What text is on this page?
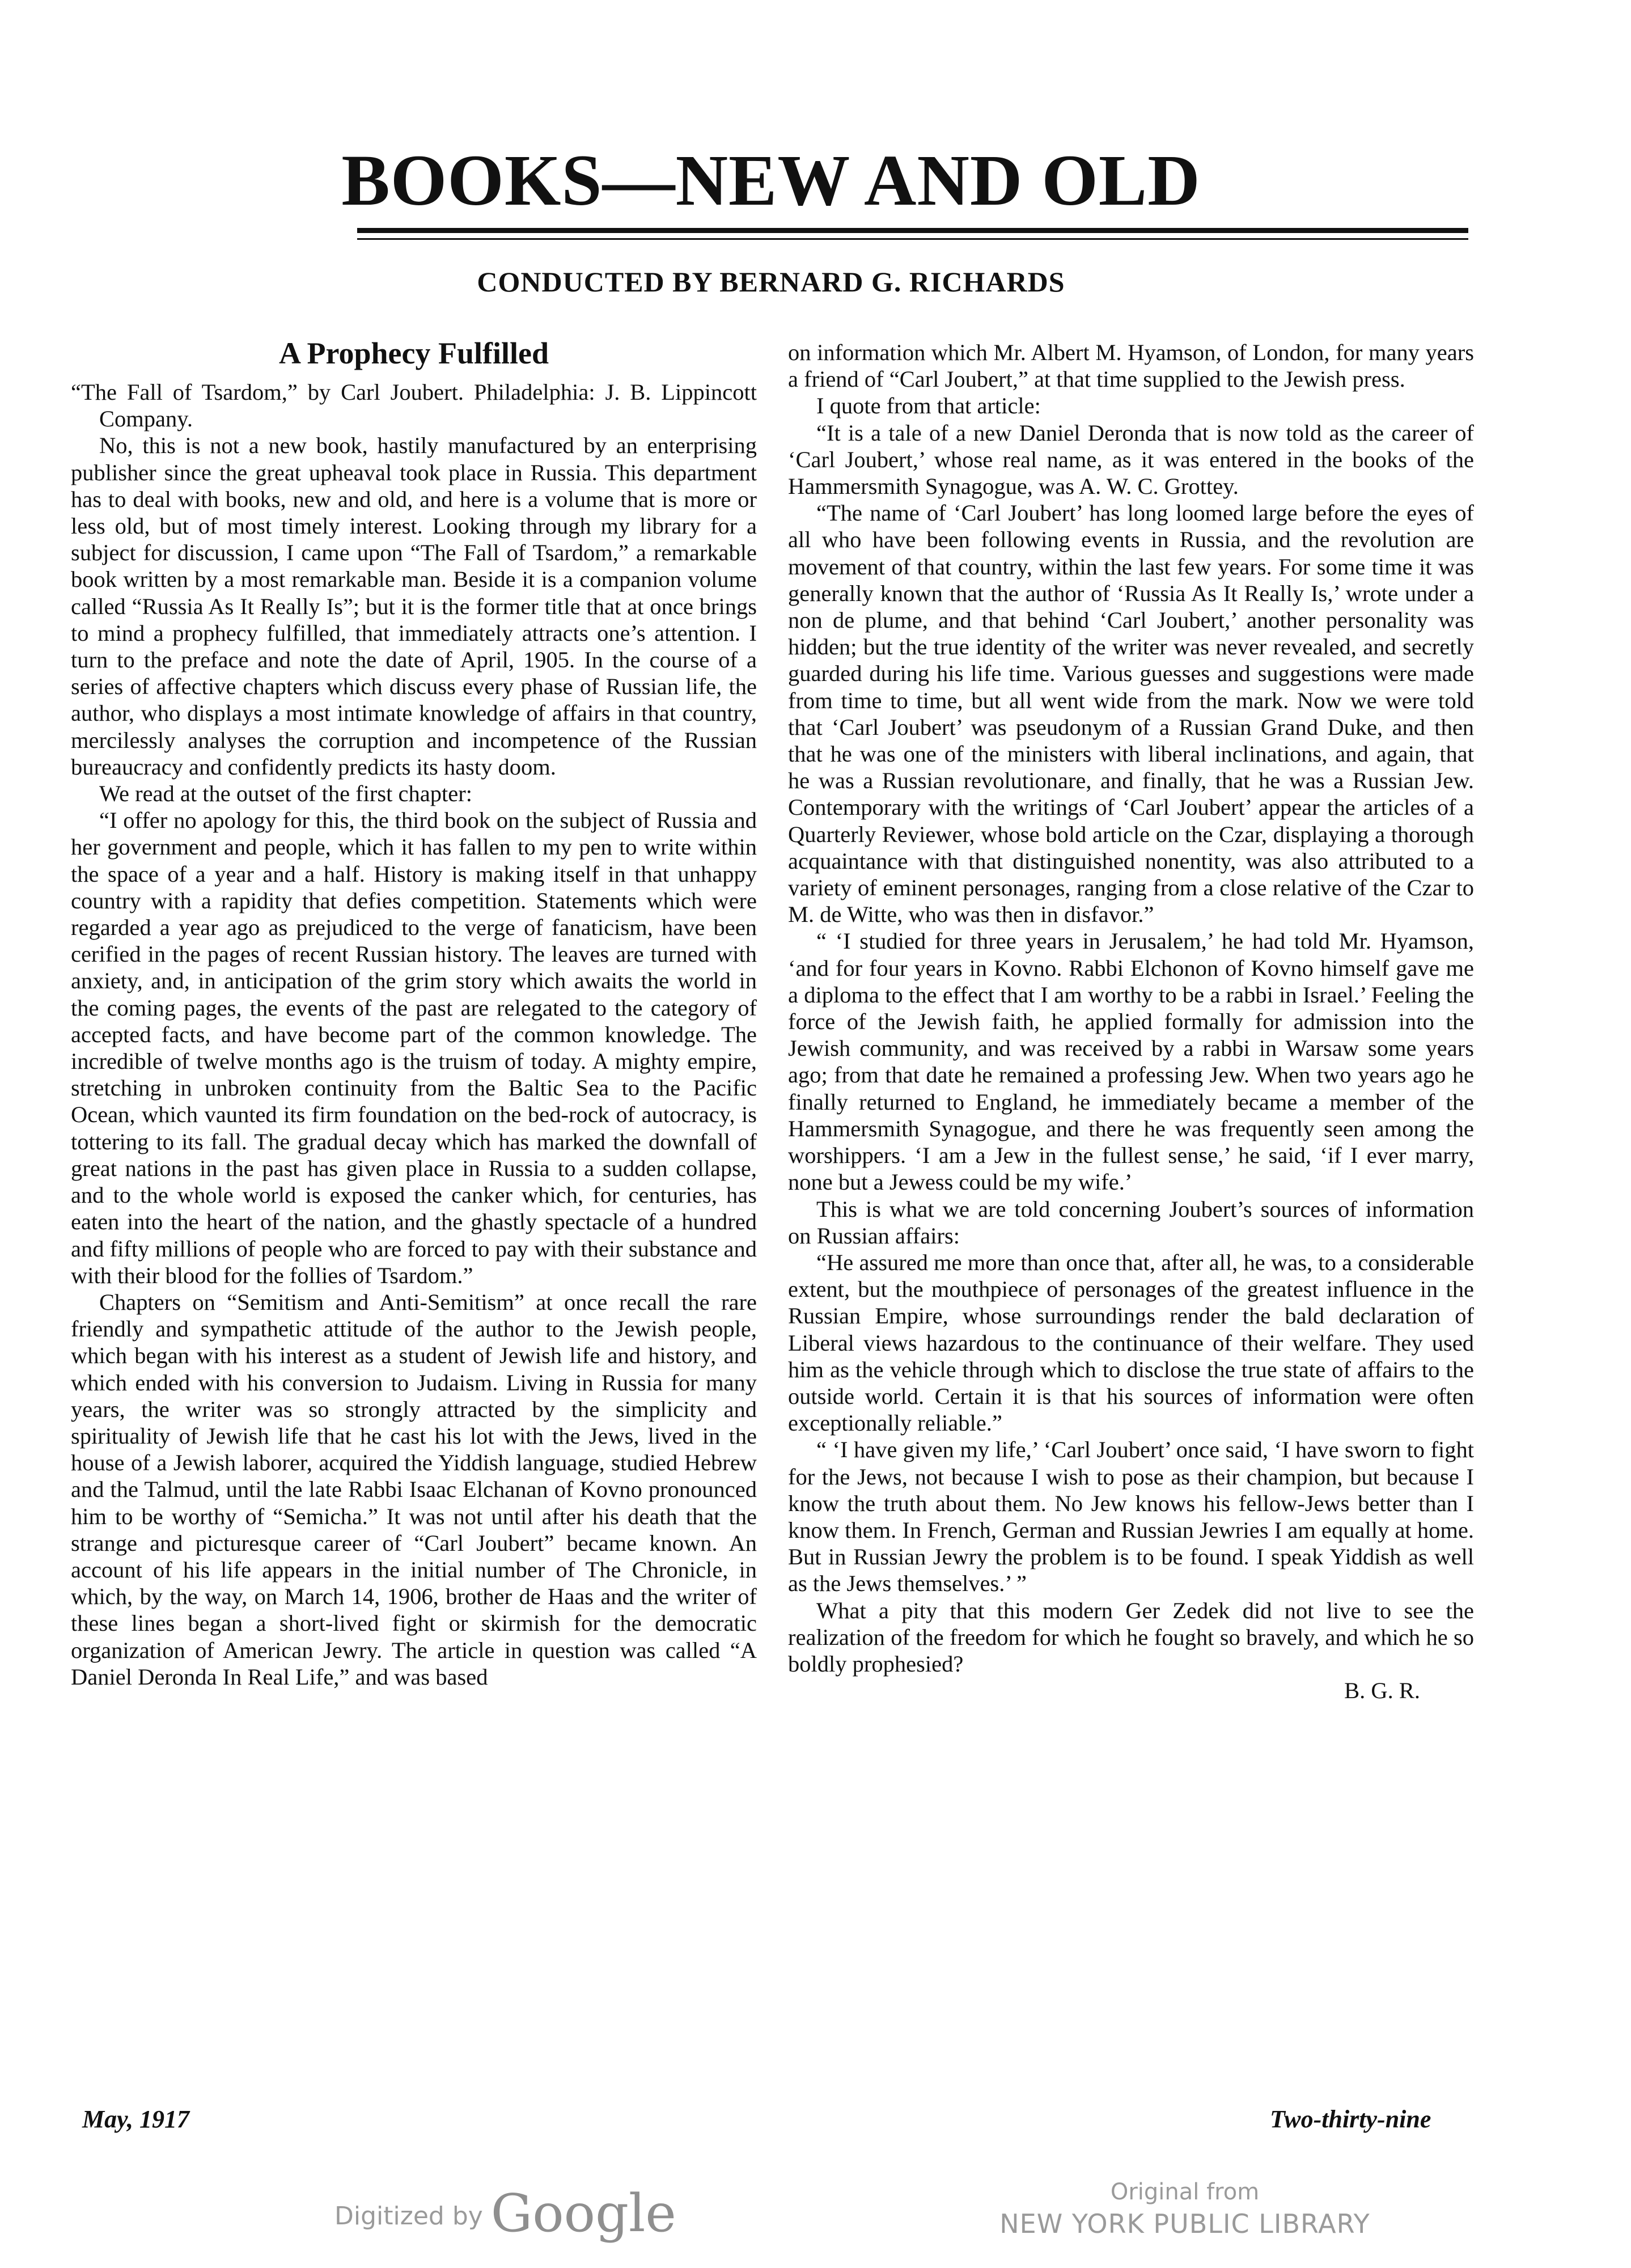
BOOKS—NEW AND OLD
CONDUCTED BY BERNARD G. RICHARDS
A Prophecy Fulfilled

“The Fall of Tsardom,” by Carl Joubert. Philadelphia: J. B. Lippincott Company.

No, this is not a new book, hastily manufactured by an enterprising publisher since the great upheaval took place in Russia. This department has to deal with books, new and old, and here is a volume that is more or less old, but of most timely interest. Looking through my library for a subject for discussion, I came upon “The Fall of Tsardom,” a remarkable book written by a most remarkable man. Beside it is a companion volume called “Russia As It Really Is”; but it is the former title that at once brings to mind a prophecy fulfilled, that immediately attracts one’s attention. I turn to the preface and note the date of April, 1905. In the course of a series of affective chapters which discuss every phase of Russian life, the author, who displays a most intimate knowledge of affairs in that country, mercilessly analyses the corruption and incompetence of the Russian bureaucracy and confidently predicts its hasty doom.

We read at the outset of the first chapter:

“I offer no apology for this, the third book on the subject of Russia and her government and people, which it has fallen to my pen to write within the space of a year and a half. History is making itself in that unhappy country with a rapidity that defies competition. Statements which were regarded a year ago as prejudiced to the verge of fanaticism, have been cerified in the pages of recent Russian history. The leaves are turned with anxiety, and, in anticipation of the grim story which awaits the world in the coming pages, the events of the past are relegated to the category of accepted facts, and have become part of the common knowledge. The incredible of twelve months ago is the truism of today. A mighty empire, stretching in unbroken continuity from the Baltic Sea to the Pacific Ocean, which vaunted its firm foundation on the bed-rock of autocracy, is tottering to its fall. The gradual decay which has marked the downfall of great nations in the past has given place in Russia to a sudden collapse, and to the whole world is exposed the canker which, for centuries, has eaten into the heart of the nation, and the ghastly spectacle of a hundred and fifty millions of people who are forced to pay with their substance and with their blood for the follies of Tsardom.”

Chapters on “Semitism and Anti-Semitism” at once recall the rare friendly and sympathetic attitude of the author to the Jewish people, which began with his interest as a student of Jewish life and history, and which ended with his conversion to Judaism. Living in Russia for many years, the writer was so strongly attracted by the simplicity and spirituality of Jewish life that he cast his lot with the Jews, lived in the house of a Jewish laborer, acquired the Yiddish language, studied Hebrew and the Talmud, until the late Rabbi Isaac Elchanan of Kovno pronounced him to be worthy of “Semicha.” It was not until after his death that the strange and picturesque career of “Carl Joubert” became known. An account of his life appears in the initial number of The Chronicle, in which, by the way, on March 14, 1906, brother de Haas and the writer of these lines began a short-lived fight or skirmish for the democratic organization of American Jewry. The article in question was called “A Daniel Deronda In Real Life,” and was based

on information which Mr. Albert M. Hyamson, of London, for many years a friend of “Carl Joubert,” at that time supplied to the Jewish press.

I quote from that article:

“It is a tale of a new Daniel Deronda that is now told as the career of ‘Carl Joubert,’ whose real name, as it was entered in the books of the Hammersmith Synagogue, was A. W. C. Grottey.

“The name of ‘Carl Joubert’ has long loomed large before the eyes of all who have been following events in Russia, and the revolution are movement of that country, within the last few years. For some time it was generally known that the author of ‘Russia As It Really Is,’ wrote under a non de plume, and that behind ‘Carl Joubert,’ another personality was hidden; but the true identity of the writer was never revealed, and secretly guarded during his life time. Various guesses and suggestions were made from time to time, but all went wide from the mark. Now we were told that ‘Carl Joubert’ was pseudonym of a Russian Grand Duke, and then that he was one of the ministers with liberal inclinations, and again, that he was a Russian revolutionare, and finally, that he was a Russian Jew. Contemporary with the writings of ‘Carl Joubert’ appear the articles of a Quarterly Reviewer, whose bold article on the Czar, displaying a thorough acquaintance with that distinguished nonentity, was also attributed to a variety of eminent personages, ranging from a close relative of the Czar to M. de Witte, who was then in disfavor.”

“ ‘I studied for three years in Jerusalem,’ he had told Mr. Hyamson, ‘and for four years in Kovno. Rabbi Elchonon of Kovno himself gave me a diploma to the effect that I am worthy to be a rabbi in Israel.’ Feeling the force of the Jewish faith, he applied formally for admission into the Jewish community, and was received by a rabbi in Warsaw some years ago; from that date he remained a professing Jew. When two years ago he finally returned to England, he immediately became a member of the Hammersmith Synagogue, and there he was frequently seen among the worshippers. ‘I am a Jew in the fullest sense,’ he said, ‘if I ever marry, none but a Jewess could be my wife.’

This is what we are told concerning Joubert’s sources of information on Russian affairs:

“He assured me more than once that, after all, he was, to a considerable extent, but the mouthpiece of personages of the greatest influence in the Russian Empire, whose surroundings render the bald declaration of Liberal views hazardous to the continuance of their welfare. They used him as the vehicle through which to disclose the true state of affairs to the outside world. Certain it is that his sources of information were often exceptionally reliable.”

“ ‘I have given my life,’ ‘Carl Joubert’ once said, ‘I have sworn to fight for the Jews, not because I wish to pose as their champion, but because I know the truth about them. No Jew knows his fellow-Jews better than I know them. In French, German and Russian Jewries I am equally at home. But in Russian Jewry the problem is to be found. I speak Yiddish as well as the Jews themselves.’ ”

What a pity that this modern Ger Zedek did not live to see the realization of the freedom for which he fought so bravely, and which he so boldly prophesied?

B. G. R.

May, 1917	Two-thirty-nine
Digitized by Google	Original from
NEW YORK PUBLIC LIBRARY
